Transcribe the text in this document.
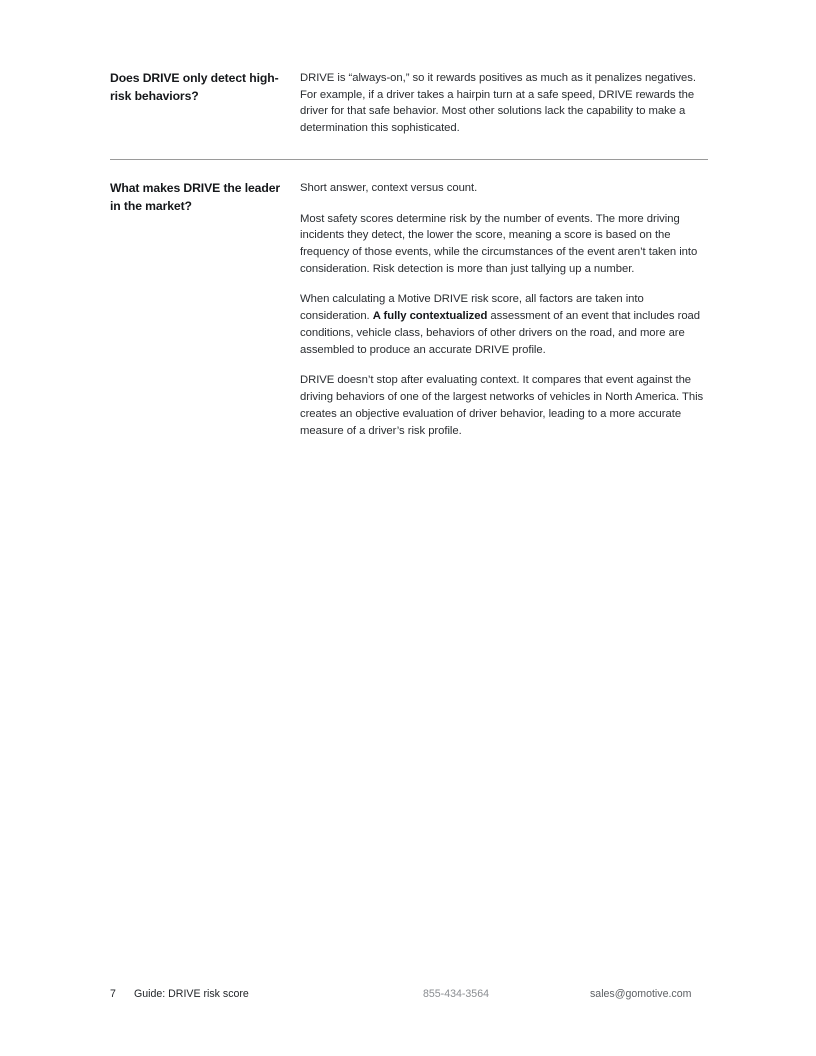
Does DRIVE only detect high-risk behaviors?

DRIVE is “always-on,” so it rewards positives as much as it penalizes negatives. For example, if a driver takes a hairpin turn at a safe speed, DRIVE rewards the driver for that safe behavior. Most other solutions lack the capability to make a determination this sophisticated.

What makes DRIVE the leader in the market?

Short answer, context versus count.

Most safety scores determine risk by the number of events. The more driving incidents they detect, the lower the score, meaning a score is based on the frequency of those events, while the circumstances of the event aren’t taken into consideration. Risk detection is more than just tallying up a number.

When calculating a Motive DRIVE risk score, all factors are taken into consideration. A fully contextualized assessment of an event that includes road conditions, vehicle class, behaviors of other drivers on the road, and more are assembled to produce an accurate DRIVE profile.

DRIVE doesn’t stop after evaluating context. It compares that event against the driving behaviors of one of the largest networks of vehicles in North America. This creates an objective evaluation of driver behavior, leading to a more accurate measure of a driver’s risk profile.

7 Guide: DRIVE risk score	855-434-3564	sales@gomotive.com
